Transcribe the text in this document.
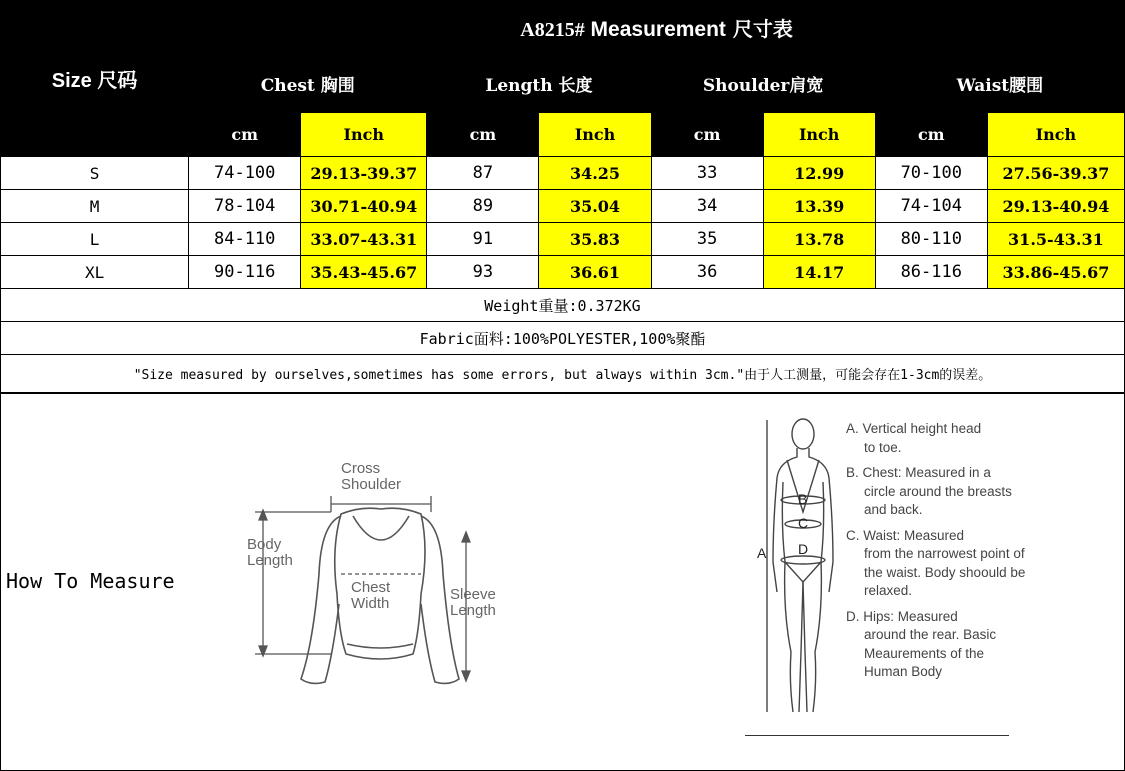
Size 尺码	A8215# Measurement 尺寸表							
	Chest 胸围		Length 长度		Shoulder肩宽		Waist腰围	
	cm	Inch	cm	Inch	cm	Inch	cm	Inch
S	74-100	29.13-39.37	87	34.25	33	12.99	70-100	27.56-39.37
M	78-104	30.71-40.94	89	35.04	34	13.39	74-104	29.13-40.94
L	84-110	33.07-43.31	91	35.83	35	13.78	80-110	31.5-43.31
XL	90-116	35.43-45.67	93	36.61	36	14.17	86-116	33.86-45.67
Weight重量:0.372KG								
Fabric面料:100%POLYESTER,100%聚酯								
"Size measured by ourselves,sometimes has some errors, but always within 3cm."由于人工测量，可能会存在1-3cm的误差。								
How To Measure
Cross
Shoulder
Body
Length
Chest
Width
Sleeve
Length
A
B
C
D

A. Vertical height head
to toe.

B. Chest: Measured in a
circle around the breasts and back.

C. Waist: Measured
from the narrowest point of the waist. Body shoould be relaxed.

D. Hips: Measured
around the rear. Basic Meaurements of the Human Body
